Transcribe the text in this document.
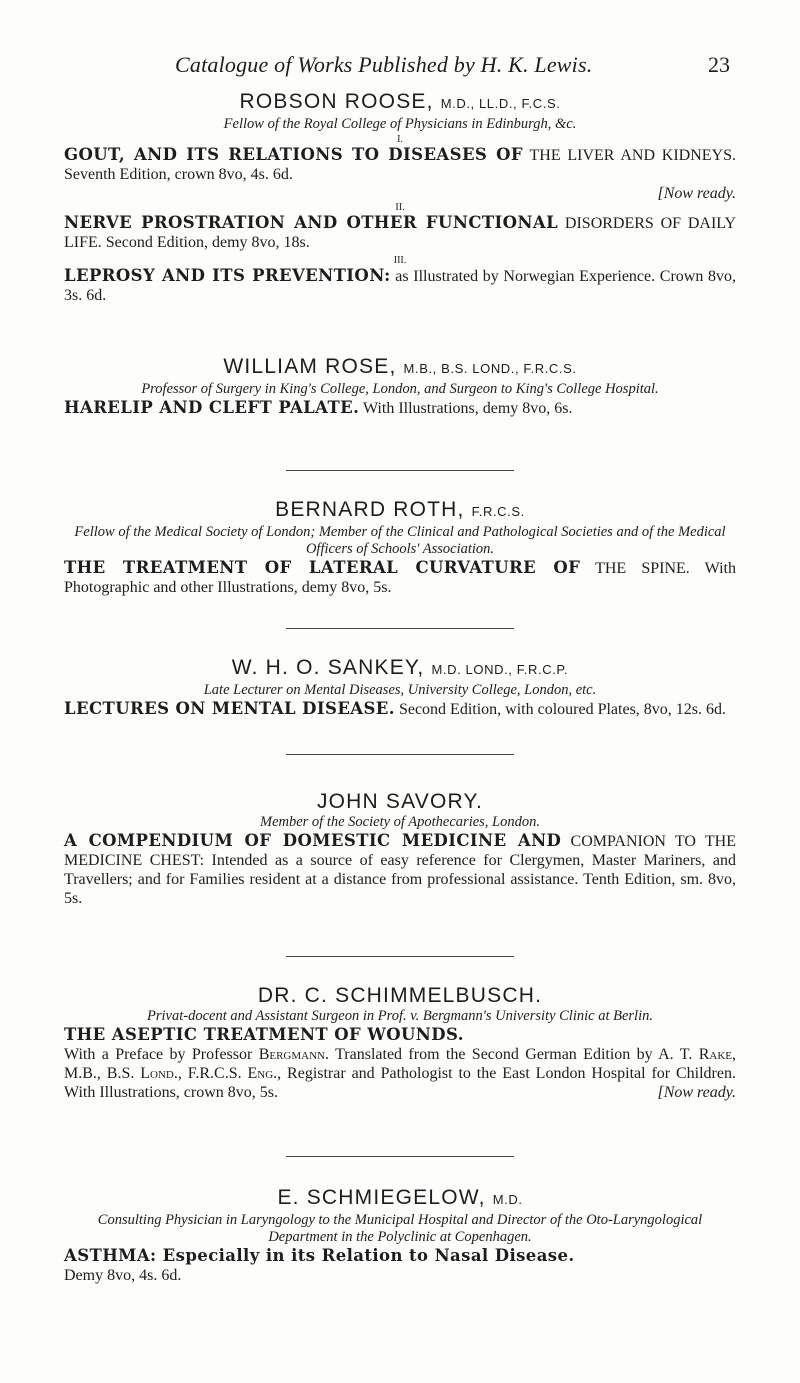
Catalogue of Works Published by H. K. Lewis.	23
ROBSON ROOSE, M.D., LL.D., F.C.S.
Fellow of the Royal College of Physicians in Edinburgh, &c.
I.

GOUT, AND ITS RELATIONS TO DISEASES OF THE LIVER AND KIDNEYS. Seventh Edition, crown 8vo, 4s. 6d.

[Now ready.
II.

NERVE PROSTRATION AND OTHER FUNCTIONAL DISORDERS OF DAILY LIFE. Second Edition, demy 8vo, 18s.

III.

LEPROSY AND ITS PREVENTION: as Illustrated by Norwegian Experience. Crown 8vo, 3s. 6d.

WILLIAM ROSE, M.B., B.S. LOND., F.R.C.S.
Professor of Surgery in King's College, London, and Surgeon to King's College Hospital.

HARELIP AND CLEFT PALATE. With Illustrations, demy 8vo, 6s.

BERNARD ROTH, F.R.C.S.
Fellow of the Medical Society of London; Member of the Clinical and Pathological Societies and of the Medical Officers of Schools' Association.

THE TREATMENT OF LATERAL CURVATURE OF THE SPINE. With Photographic and other Illustrations, demy 8vo, 5s.

W. H. O. SANKEY, M.D. LOND., F.R.C.P.
Late Lecturer on Mental Diseases, University College, London, etc.

LECTURES ON MENTAL DISEASE. Second Edition, with coloured Plates, 8vo, 12s. 6d.

JOHN SAVORY.
Member of the Society of Apothecaries, London.

A COMPENDIUM OF DOMESTIC MEDICINE AND COMPANION TO THE MEDICINE CHEST: Intended as a source of easy reference for Clergymen, Master Mariners, and Travellers; and for Families resident at a distance from professional assistance. Tenth Edition, sm. 8vo, 5s.

DR. C. SCHIMMELBUSCH.
Privat-docent and Assistant Surgeon in Prof. v. Bergmann's University Clinic at Berlin.

THE ASEPTIC TREATMENT OF WOUNDS.
With a Preface by Professor Bergmann. Translated from the Second German Edition by A. T. Rake, M.B., B.S. Lond., F.R.C.S. Eng., Registrar and Pathologist to the East London Hospital for Children. With Illustrations, crown 8vo, 5s.	[Now ready.
E. SCHMIEGELOW, M.D.
Consulting Physician in Laryngology to the Municipal Hospital and Director of the Oto-Laryngological Department in the Polyclinic at Copenhagen.

ASTHMA: Especially in its Relation to Nasal Disease.
Demy 8vo, 4s. 6d.
